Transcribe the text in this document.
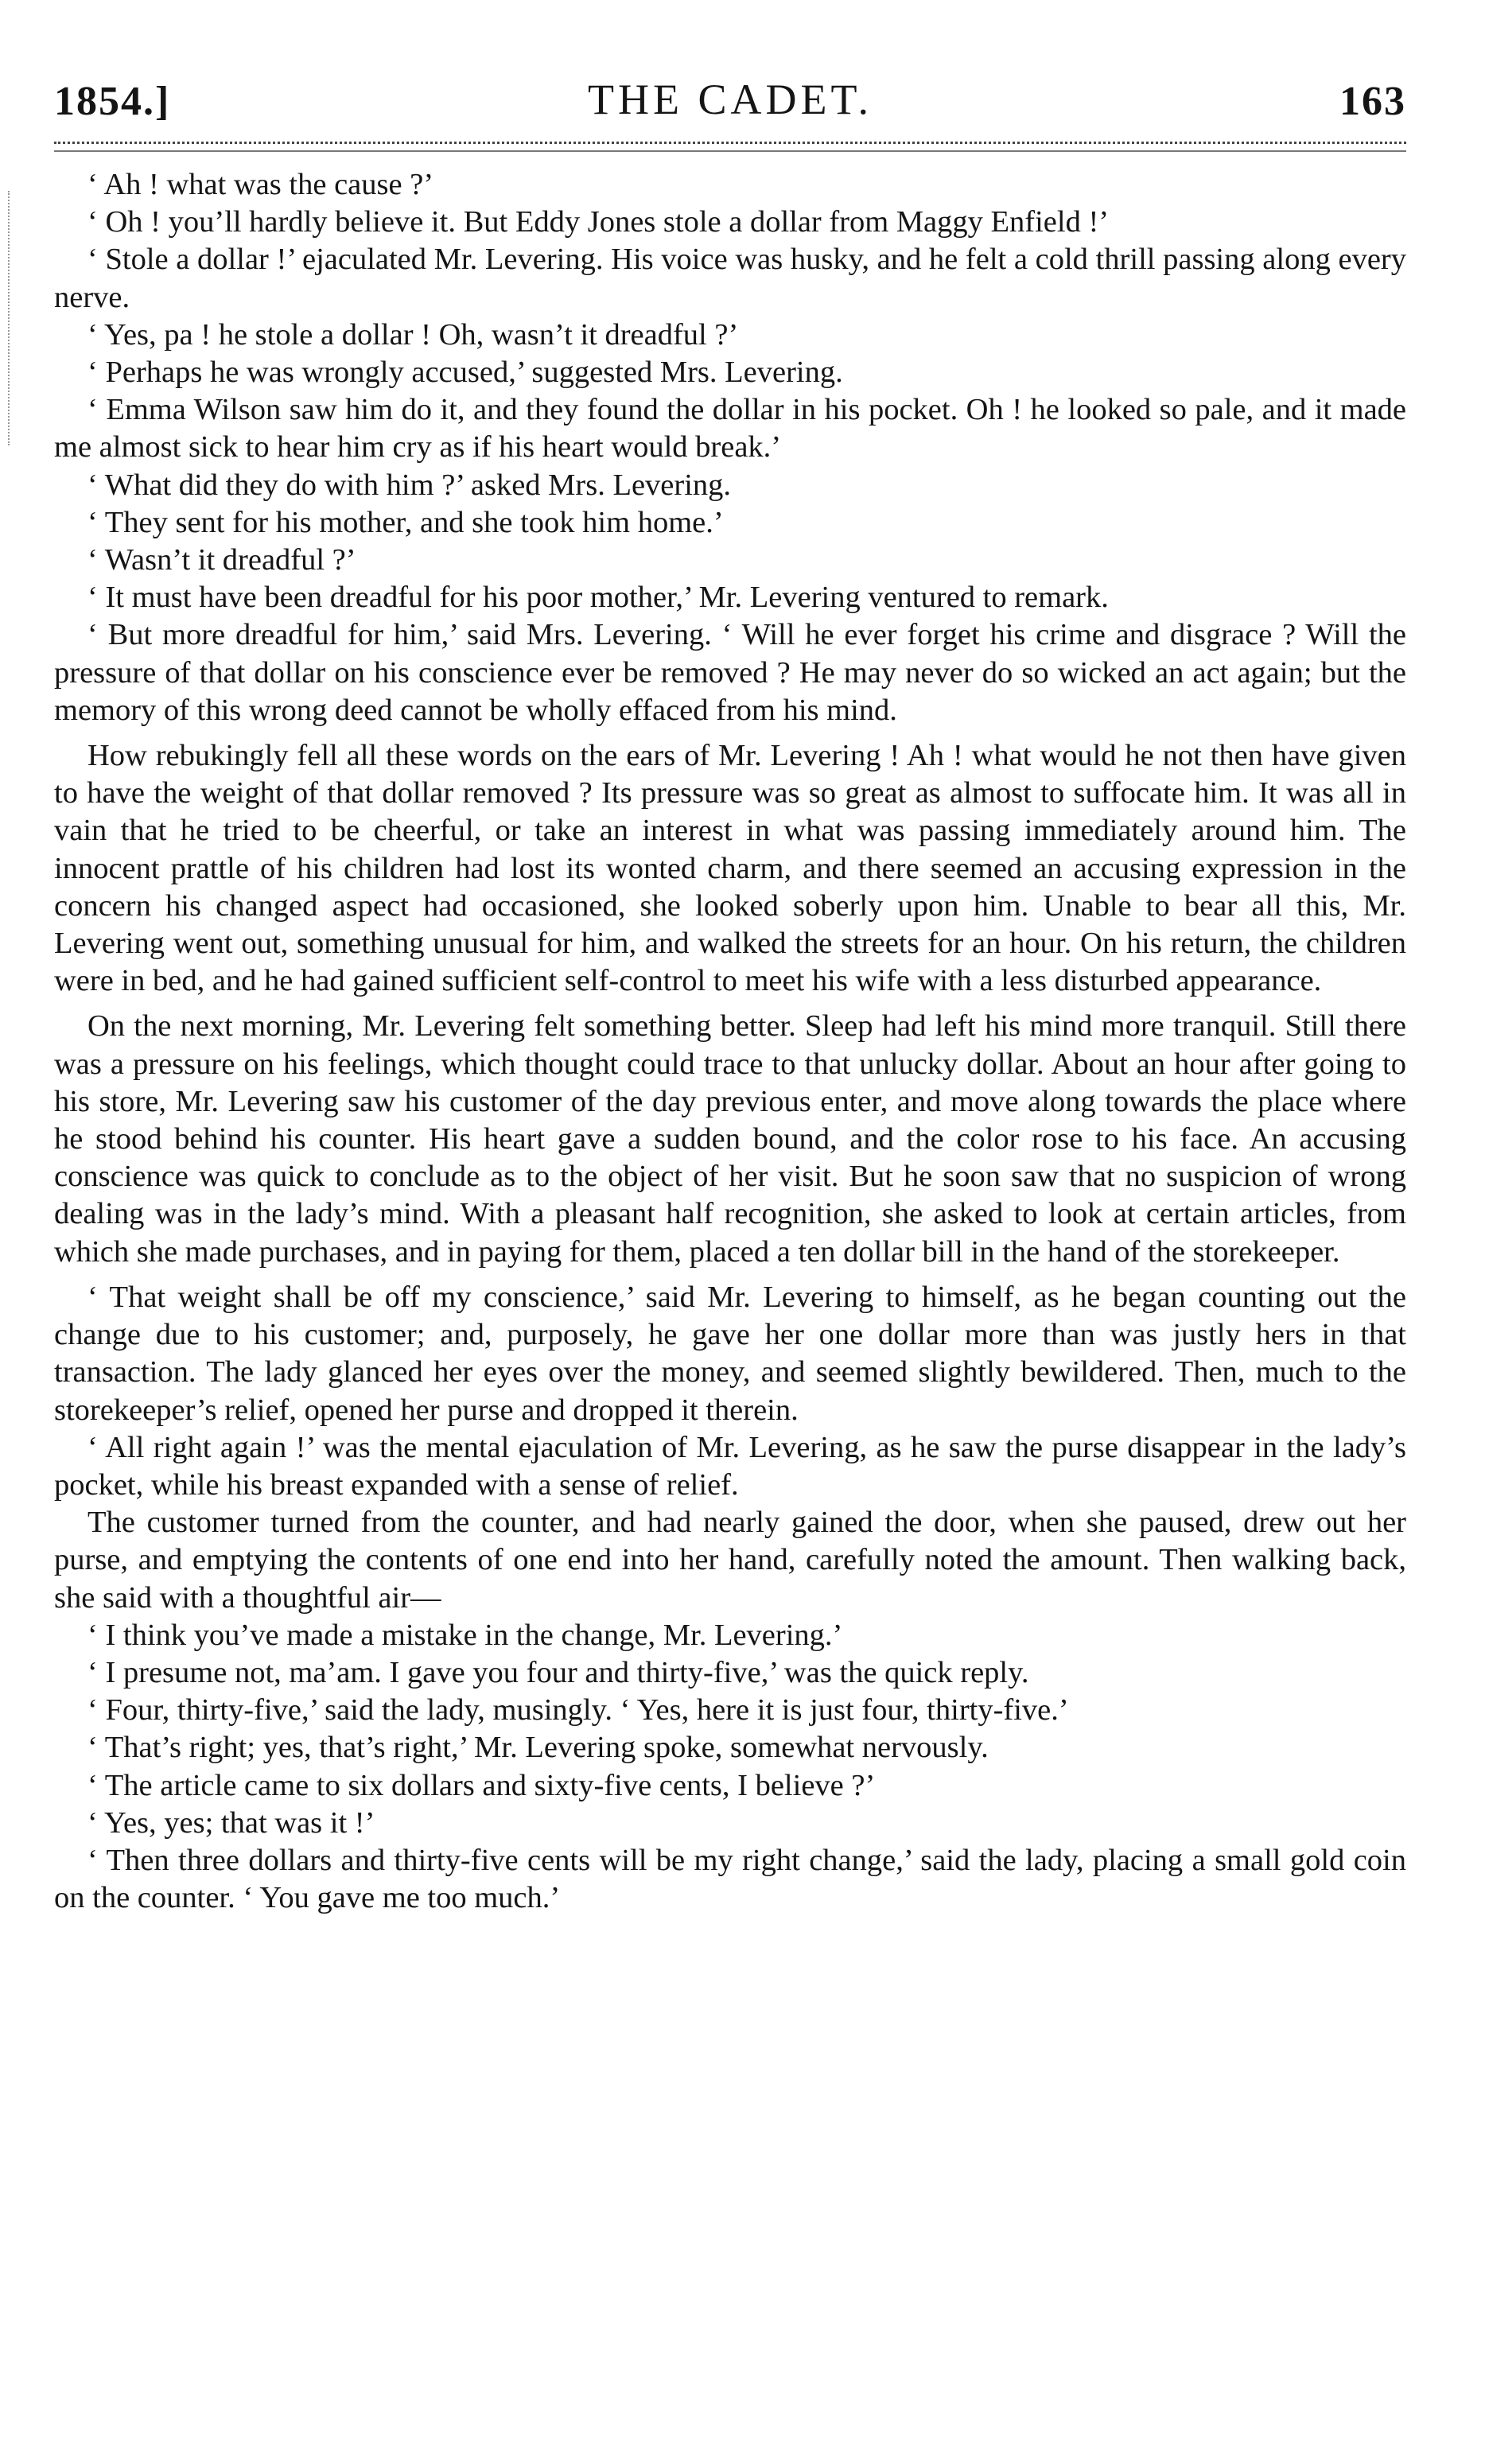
1854.]	THE CADET.	163

‘ Ah ! what was the cause ?’

‘ Oh ! you’ll hardly believe it. But Eddy Jones stole a dollar from Maggy Enfield !’

‘ Stole a dollar !’ ejaculated Mr. Levering. His voice was husky, and he felt a cold thrill passing along every nerve.

‘ Yes, pa ! he stole a dollar ! Oh, wasn’t it dreadful ?’

‘ Perhaps he was wrongly accused,’ suggested Mrs. Levering.

‘ Emma Wilson saw him do it, and they found the dollar in his pocket. Oh ! he looked so pale, and it made me almost sick to hear him cry as if his heart would break.’

‘ What did they do with him ?’ asked Mrs. Levering.

‘ They sent for his mother, and she took him home.’

‘ Wasn’t it dreadful ?’

‘ It must have been dreadful for his poor mother,’ Mr. Levering ventured to remark.

‘ But more dreadful for him,’ said Mrs. Levering. ‘ Will he ever forget his crime and disgrace ? Will the pressure of that dollar on his conscience ever be removed ? He may never do so wicked an act again; but the memory of this wrong deed cannot be wholly effaced from his mind.

How rebukingly fell all these words on the ears of Mr. Levering ! Ah ! what would he not then have given to have the weight of that dollar removed ? Its pressure was so great as almost to suffocate him. It was all in vain that he tried to be cheerful, or take an interest in what was passing immediately around him. The innocent prattle of his children had lost its wonted charm, and there seemed an accusing expression in the concern his changed aspect had occasioned, she looked soberly upon him. Unable to bear all this, Mr. Levering went out, something unusual for him, and walked the streets for an hour. On his return, the children were in bed, and he had gained sufficient self-control to meet his wife with a less disturbed appearance.

On the next morning, Mr. Levering felt something better. Sleep had left his mind more tranquil. Still there was a pressure on his feelings, which thought could trace to that unlucky dollar. About an hour after going to his store, Mr. Levering saw his customer of the day previous enter, and move along towards the place where he stood behind his counter. His heart gave a sudden bound, and the color rose to his face. An accusing conscience was quick to conclude as to the object of her visit. But he soon saw that no suspicion of wrong dealing was in the lady’s mind. With a pleasant half recognition, she asked to look at certain articles, from which she made purchases, and in paying for them, placed a ten dollar bill in the hand of the storekeeper.

‘ That weight shall be off my conscience,’ said Mr. Levering to himself, as he began counting out the change due to his customer; and, purposely, he gave her one dollar more than was justly hers in that transaction. The lady glanced her eyes over the money, and seemed slightly bewildered. Then, much to the storekeeper’s relief, opened her purse and dropped it therein.

‘ All right again !’ was the mental ejaculation of Mr. Levering, as he saw the purse disappear in the lady’s pocket, while his breast expanded with a sense of relief.

The customer turned from the counter, and had nearly gained the door, when she paused, drew out her purse, and emptying the contents of one end into her hand, carefully noted the amount. Then walking back, she said with a thoughtful air—

‘ I think you’ve made a mistake in the change, Mr. Levering.’

‘ I presume not, ma’am. I gave you four and thirty-five,’ was the quick reply.

‘ Four, thirty-five,’ said the lady, musingly. ‘ Yes, here it is just four, thirty-five.’

‘ That’s right; yes, that’s right,’ Mr. Levering spoke, somewhat nervously.

‘ The article came to six dollars and sixty-five cents, I believe ?’

‘ Yes, yes; that was it !’

‘ Then three dollars and thirty-five cents will be my right change,’ said the lady, placing a small gold coin on the counter. ‘ You gave me too much.’
